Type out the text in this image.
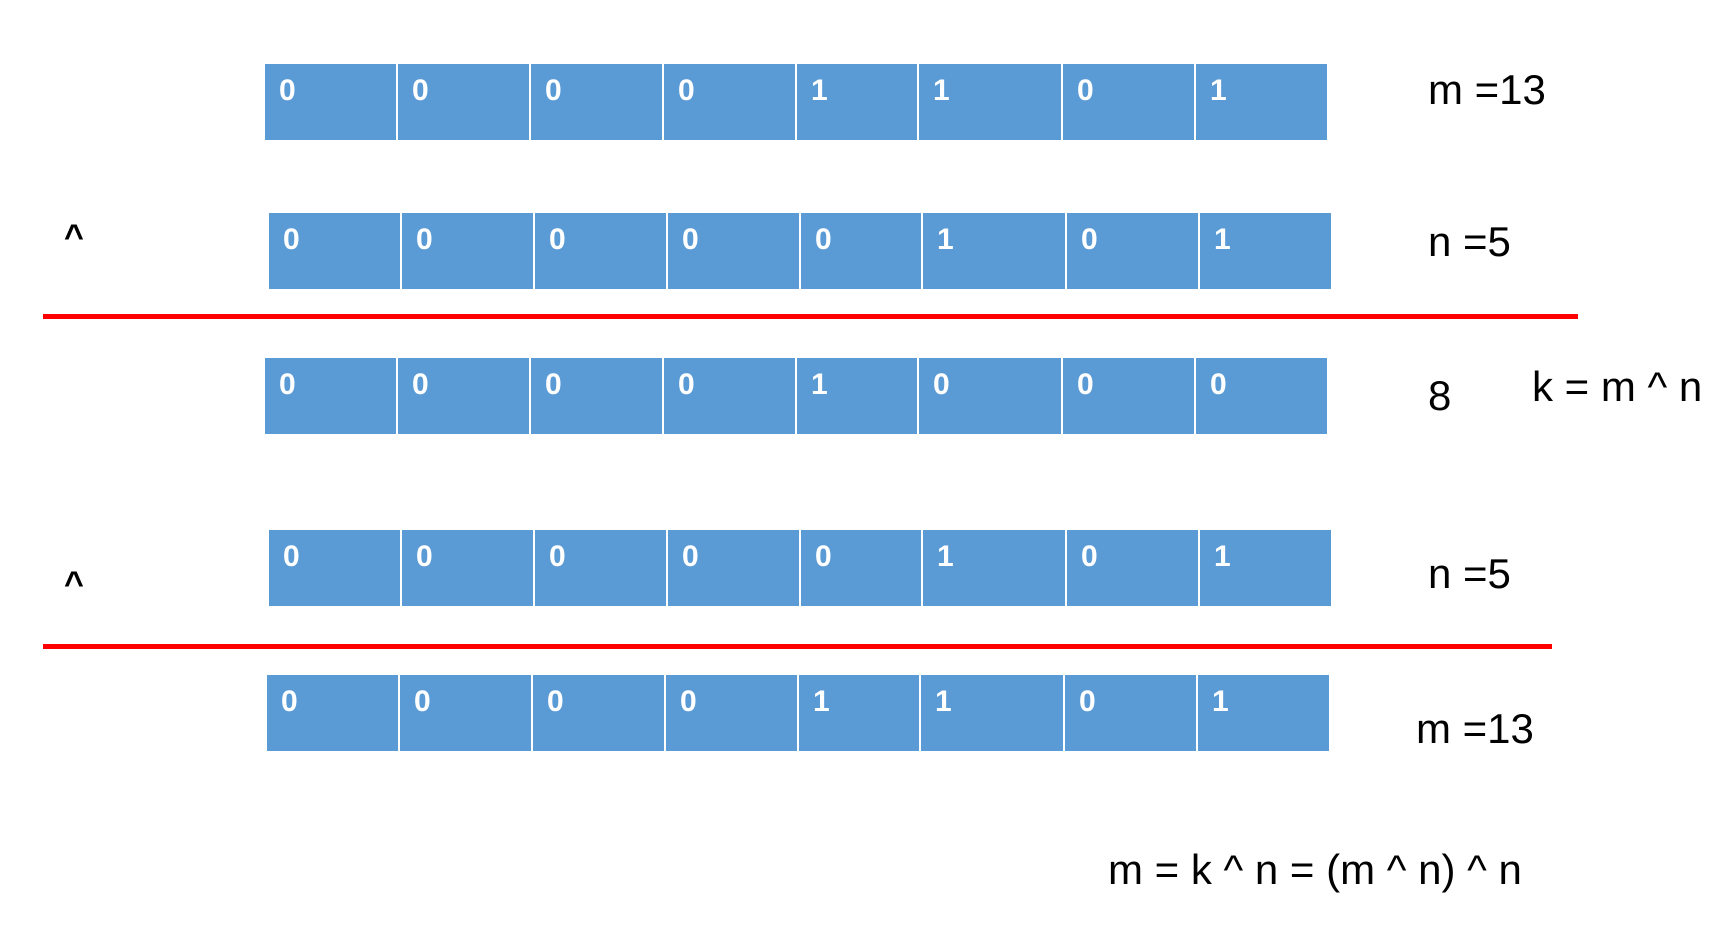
^
^
0	0	0	0	1	1	0	1	m =13
0	0	0	0	0	1	0	1	n =5
0	0	0	0	1	0	0	0	8 k = m ^ n
0	0	0	0	0	1	0	1	n =5
0	0	0	0	1	1	0	1
m =13
m = k ^ n = (m ^ n) ^ n
